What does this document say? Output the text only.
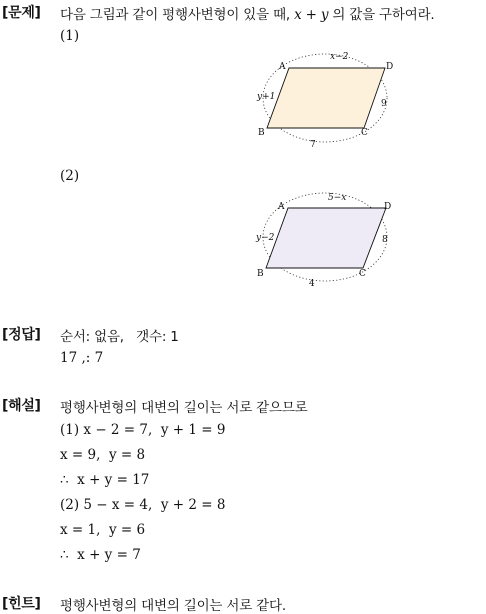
[문제] 다음 그림과 같이 평행사변형이 있을 때, x + y 의 값을 구하여라.
(1)
A	D
B	C
x−2
y+1
9
7
(2)
A	D
B	C
5−x
y−2	8
4
[정답] 순서: 없음,   갯수: 1
17 ,: 7
[해설] 평행사변형의 대변의 길이는 서로 같으므로
(1) x − 2 = 7,  y + 1 = 9
x = 9,  y = 8
∴  x + y = 17
(2) 5 − x = 4,  y + 2 = 8
x = 1,  y = 6
∴  x + y = 7
[힌트] 평행사변형의 대변의 길이는 서로 같다.
